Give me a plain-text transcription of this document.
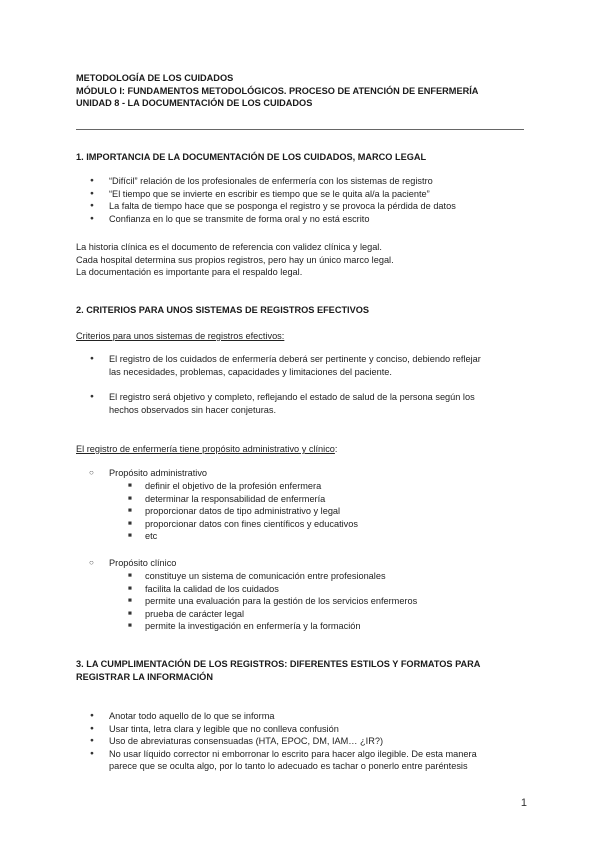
METODOLOGÍA DE LOS CUIDADOS
MÓDULO I: FUNDAMENTOS METODOLÓGICOS. PROCESO DE ATENCIÓN DE ENFERMERÍA
UNIDAD 8 - LA DOCUMENTACIÓN DE LOS CUIDADOS
1. IMPORTANCIA DE LA DOCUMENTACIÓN DE LOS CUIDADOS, MARCO LEGAL
● “Difícil” relación de los profesionales de enfermería con los sistemas de registro
● “El tiempo que se invierte en escribir es tiempo que se le quita al/a la paciente”
● La falta de tiempo hace que se posponga el registro y se provoca la pérdida de datos
● Confianza en lo que se transmite de forma oral y no está escrito
La historia clínica es el documento de referencia con validez clínica y legal.
Cada hospital determina sus propios registros, pero hay un único marco legal.
La documentación es importante para el respaldo legal.
2. CRITERIOS PARA UNOS SISTEMAS DE REGISTROS EFECTIVOS
Criterios para unos sistemas de registros efectivos:
● El registro de los cuidados de enfermería deberá ser pertinente y conciso, debiendo reflejar
las necesidades, problemas, capacidades y limitaciones del paciente.
● El registro será objetivo y completo, reflejando el estado de salud de la persona según los
hechos observados sin hacer conjeturas.
El registro de enfermería tiene propósito administrativo y clínico:
○ Propósito administrativo
■ definir el objetivo de la profesión enfermera
■ determinar la responsabilidad de enfermería
■ proporcionar datos de tipo administrativo y legal
■ proporcionar datos con fines científicos y educativos
■ etc
○ Propósito clínico
■ constituye un sistema de comunicación entre profesionales
■ facilita la calidad de los cuidados
■ permite una evaluación para la gestión de los servicios enfermeros
■ prueba de carácter legal
■ permite la investigación en enfermería y la formación
3. LA CUMPLIMENTACIÓN DE LOS REGISTROS: DIFERENTES ESTILOS Y FORMATOS PARA
REGISTRAR LA INFORMACIÓN
● Anotar todo aquello de lo que se informa
● Usar tinta, letra clara y legible que no conlleva confusión
● Uso de abreviaturas consensuadas (HTA, EPOC, DM, IAM… ¿IR?)
● No usar líquido corrector ni emborronar lo escrito para hacer algo ilegible. De esta manera
parece que se oculta algo, por lo tanto lo adecuado es tachar o ponerlo entre paréntesis
1
